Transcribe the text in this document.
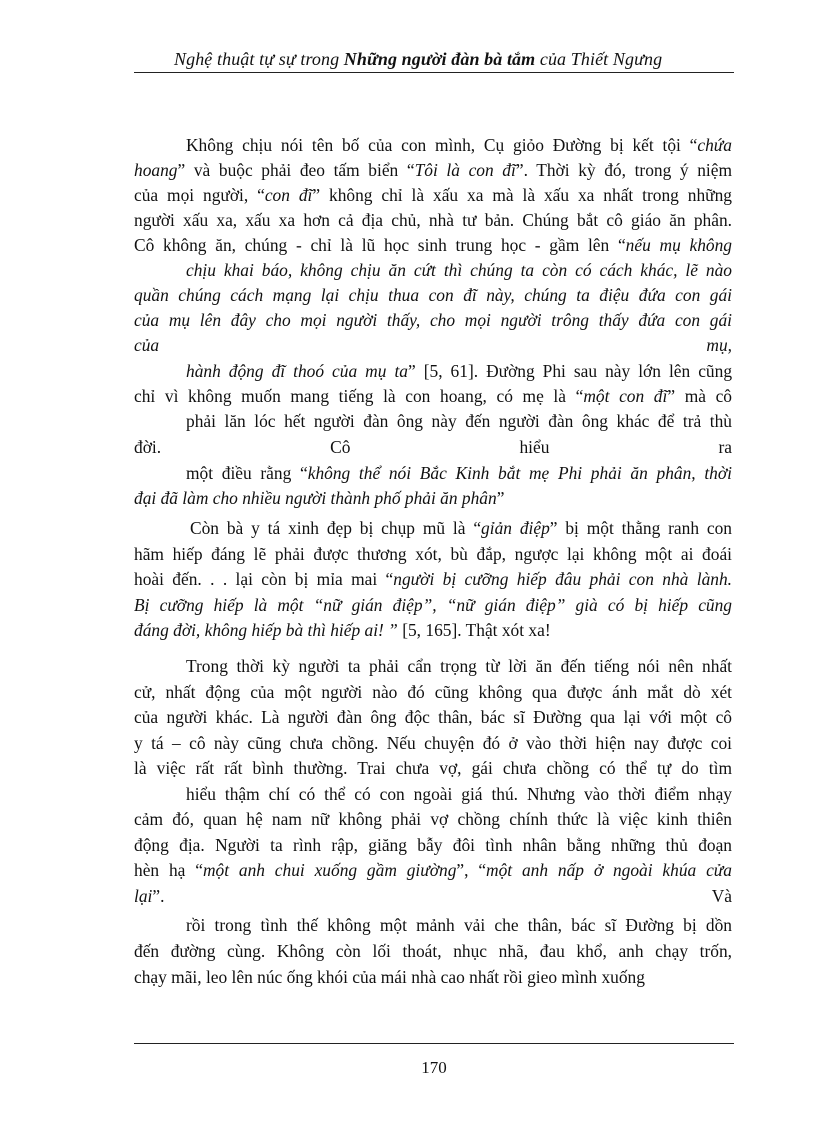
Nghệ thuật tự sự trong Những người đàn bà tắm của Thiết Ngưng
Không chịu nói tên bố của con mình, Cụ giỏo Đường bị kết tội “chứa
hoang” và buộc phải đeo tấm biển “Tôi là con đĩ”. Thời kỳ đó, trong ý niệm
của mọi người, “con đĩ” không chỉ là xấu xa mà là xấu xa nhất trong những
người xấu xa, xấu xa hơn cả địa chủ, nhà tư bản. Chúng bắt cô giáo ăn phân.
Cô không ăn, chúng - chỉ là lũ học sinh trung học - gầm lên “nếu mụ không
chịu khai báo, không chịu ăn cứt thì chúng ta còn có cách khác, lẽ nào
quần chúng cách mạng lại chịu thua con đĩ này, chúng ta điệu đứa con gái
của mụ lên đây cho mọi người thấy, cho mọi người trông thấy đứa con gái
của mụ,
hành động đĩ thoó của mụ ta” [5, 61]. Đường Phi sau này lớn lên cũng
chỉ vì không muốn mang tiếng là con hoang, có mẹ là “một con đĩ” mà cô
phải lăn lóc hết người đàn ông này đến người đàn ông khác để trả thù
đời. Cô hiểu ra
một điều rằng “không thể nói Bắc Kinh bắt mẹ Phi phải ăn phân, thời
đại đã làm cho nhiều người thành phố phải ăn phân”
Còn bà y tá xinh đẹp bị chụp mũ là “gỉản điệp” bị một thằng ranh con
hãm hiếp đáng lẽ phải được thương xót, bù đắp, ngược lại không một ai đoái
hoài đến. . . lại còn bị mỉa mai “người bị cưỡng hiếp đâu phải con nhà lành.
Bị cưỡng hiếp là một “nữ gián điệp”, “nữ gián điệp” già có bị hiếp cũng
đáng đời, không hiếp bà thì hiếp ai! ” [5, 165]. Thật xót xa!
Trong thời kỳ người ta phải cẩn trọng từ lời ăn đến tiếng nói nên nhất
cử, nhất động của một người nào đó cũng không qua được ánh mắt dò xét
của người khác. Là người đàn ông độc thân, bác sĩ Đường qua lại với một cô
y tá – cô này cũng chưa chồng. Nếu chuyện đó ở vào thời hiện nay được coi
là việc rất rất bình thường. Trai chưa vợ, gái chưa chồng có thể tự do tìm
hiểu thậm chí có thể có con ngoài giá thú. Nhưng vào thời điểm nhạy
cảm đó, quan hệ nam nữ không phải vợ chồng chính thức là việc kinh thiên
động địa. Người ta rình rập, giăng bẫy đôi tình nhân bằng những thủ đoạn
hèn hạ “một anh chui xuống gầm giường”, “một anh nấp ở ngoài khúa cửa
lại”. Và
rồi trong tình thế không một mảnh vải che thân, bác sĩ Đường bị dồn
đến đường cùng. Không còn lối thoát, nhục nhã, đau khổ, anh chạy trốn,
chạy mãi, leo lên núc ống khói của mái nhà cao nhất rồi gieo mình xuống
170
